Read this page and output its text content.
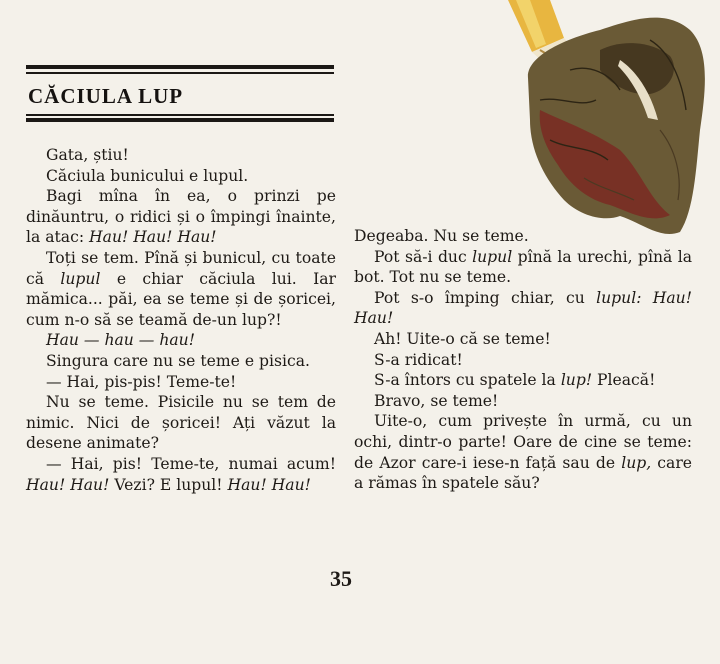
CĂCIULA LUP
Gata, știu!
Căciula bunicului e lupul.
Bagi mîna în ea, o prinzi pe dinăuntru, o ridici și o împingi înainte, la atac: Hau! Hau! Hau!
Toți se tem. Pînă și bunicul, cu toate că lupul e chiar căciula lui. Iar mămica... păi, ea se teme și de șoricei, cum n-o să se teamă de-un lup?!
Hau — hau — hau!
Singura care nu se teme e pisica.
— Hai, pis-pis! Teme-te!
Nu se teme. Pisicile nu se tem de nimic. Nici de șoricei! Ați văzut la desene animate?
— Hai, pis! Teme-te, numai acum! Hau! Hau! Vezi? E lupul! Hau! Hau!
Degeaba. Nu se teme.
Pot să-i duc lupul pînă la urechi, pînă la bot. Tot nu se teme.
Pot s-o împing chiar, cu lupul: Hau! Hau!
Ah! Uite-o că se teme!
S-a ridicat!
S-a întors cu spatele la lup! Pleacă!
Bravo, se teme!
Uite-o, cum privește în urmă, cu un ochi, dintr-o parte! Oare de cine se teme: de Azor care-i iese-n față sau de lup, care a rămas în spatele său?
35
